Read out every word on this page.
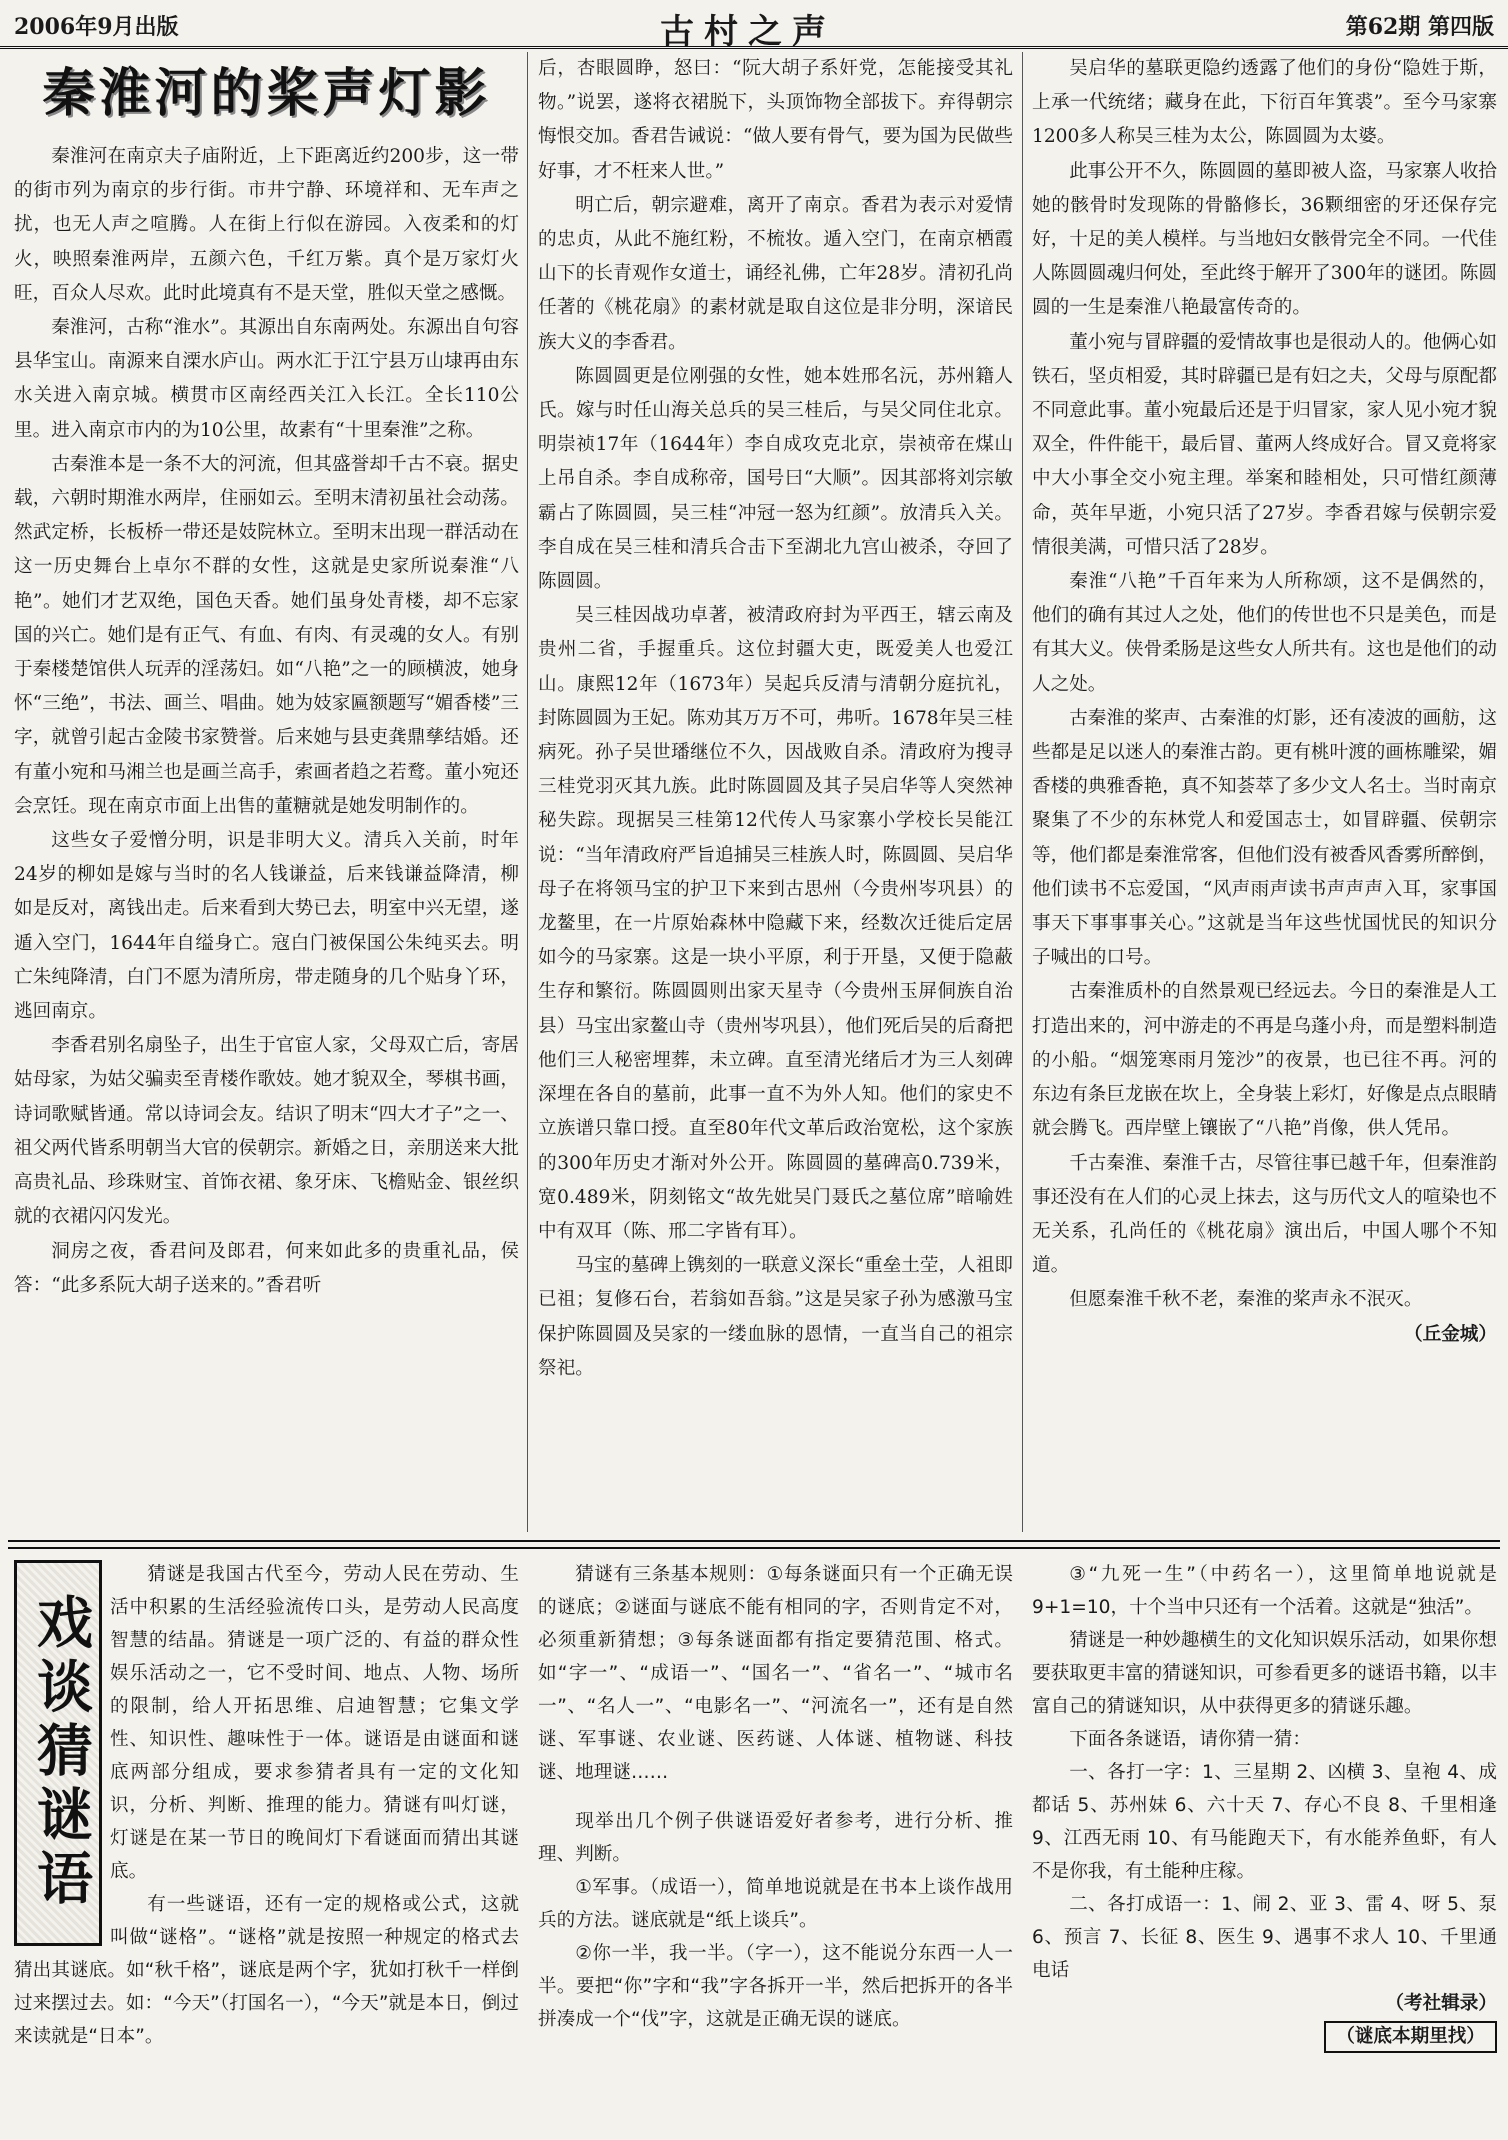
2006年9月出版	古村之声	第62期 第四版
秦淮河的桨声灯影

秦淮河在南京夫子庙附近，上下距离近约200步，这一带的街市列为南京的步行街。市井宁静、环境祥和、无车声之扰，也无人声之喧腾。人在街上行似在游园。入夜柔和的灯火，映照秦淮两岸，五颜六色，千红万紫。真个是万家灯火旺，百众人尽欢。此时此境真有不是天堂，胜似天堂之感慨。

秦淮河，古称“淮水”。其源出自东南两处。东源出自句容县华宝山。南源来自溧水庐山。两水汇于江宁县万山埭再由东水关进入南京城。横贯市区南经西关江入长江。全长110公里。进入南京市内的为10公里，故素有“十里秦淮”之称。

古秦淮本是一条不大的河流，但其盛誉却千古不衰。据史载，六朝时期淮水两岸，住丽如云。至明末清初虽社会动荡。然武定桥，长板桥一带还是妓院林立。至明末出现一群活动在这一历史舞台上卓尔不群的女性，这就是史家所说秦淮“八艳”。她们才艺双绝，国色天香。她们虽身处青楼，却不忘家国的兴亡。她们是有正气、有血、有肉、有灵魂的女人。有别于秦楼楚馆供人玩弄的淫荡妇。如“八艳”之一的顾横波，她身怀“三绝”，书法、画兰、唱曲。她为妓家匾额题写“媚香楼”三字，就曾引起古金陵书家赞誉。后来她与县吏龚鼎孳结婚。还有董小宛和马湘兰也是画兰高手，索画者趋之若鹜。董小宛还会烹饪。现在南京市面上出售的董糖就是她发明制作的。

这些女子爱憎分明，识是非明大义。清兵入关前，时年24岁的柳如是嫁与当时的名人钱谦益，后来钱谦益降清，柳如是反对，离钱出走。后来看到大势已去，明室中兴无望，遂遁入空门，1644年自缢身亡。寇白门被保国公朱纯买去。明亡朱纯降清，白门不愿为清所房，带走随身的几个贴身丫环，逃回南京。

李香君别名扇坠子，出生于官宦人家，父母双亡后，寄居姑母家，为姑父骗卖至青楼作歌妓。她才貌双全，琴棋书画，诗词歌赋皆通。常以诗词会友。结识了明末“四大才子”之一、祖父两代皆系明朝当大官的侯朝宗。新婚之日，亲朋送来大批高贵礼品、珍珠财宝、首饰衣裙、象牙床、飞檐贴金、银丝织就的衣裙闪闪发光。

洞房之夜，香君问及郎君，何来如此多的贵重礼品，侯答：“此多系阮大胡子送来的。”香君听

后，杏眼圆睁，怒曰：“阮大胡子系奸党，怎能接受其礼物。”说罢，遂将衣裙脱下，头顶饰物全部拔下。弃得朝宗悔恨交加。香君告诫说：“做人要有骨气，要为国为民做些好事，才不枉来人世。”

明亡后，朝宗避难，离开了南京。香君为表示对爱情的忠贞，从此不施红粉，不梳妆。遁入空门，在南京栖霞山下的长青观作女道士，诵经礼佛，亡年28岁。清初孔尚任著的《桃花扇》的素材就是取自这位是非分明，深谙民族大义的李香君。

陈圆圆更是位刚强的女性，她本姓邢名沅，苏州籍人氏。嫁与时任山海关总兵的吴三桂后，与吴父同住北京。明崇祯17年（1644年）李自成攻克北京，崇祯帝在煤山上吊自杀。李自成称帝，国号曰“大顺”。因其部将刘宗敏霸占了陈圆圆，吴三桂“冲冠一怒为红颜”。放清兵入关。李自成在吴三桂和清兵合击下至湖北九宫山被杀，夺回了陈圆圆。

吴三桂因战功卓著，被清政府封为平西王，辖云南及贵州二省，手握重兵。这位封疆大吏，既爱美人也爱江山。康熙12年（1673年）吴起兵反清与清朝分庭抗礼，封陈圆圆为王妃。陈劝其万万不可，弗听。1678年吴三桂病死。孙子吴世璠继位不久，因战败自杀。清政府为搜寻三桂党羽灭其九族。此时陈圆圆及其子吴启华等人突然神秘失踪。现据吴三桂第12代传人马家寨小学校长吴能江说：“当年清政府严旨追捕吴三桂族人时，陈圆圆、吴启华母子在将领马宝的护卫下来到古思州（今贵州岑巩县）的龙鳌里，在一片原始森林中隐藏下来，经数次迁徙后定居如今的马家寨。这是一块小平原，利于开垦，又便于隐蔽生存和繁衍。陈圆圆则出家天星寺（今贵州玉屏侗族自治县）马宝出家鳌山寺（贵州岑巩县），他们死后吴的后裔把他们三人秘密埋葬，未立碑。直至清光绪后才为三人刻碑深埋在各自的墓前，此事一直不为外人知。他们的家史不立族谱只靠口授。直至80年代文革后政治宽松，这个家族的300年历史才渐对外公开。陈圆圆的墓碑高0.739米，宽0.489米，阴刻铭文“故先妣吴门聂氏之墓位席”暗喻姓中有双耳（陈、邢二字皆有耳）。

马宝的墓碑上镌刻的一联意义深长“重垒土茔，人祖即已祖；复修石台，若翁如吾翁。”这是吴家子孙为感激马宝保护陈圆圆及吴家的一缕血脉的恩情，一直当自己的祖宗祭祀。

吴启华的墓联更隐约透露了他们的身份“隐姓于斯，上承一代统绪；藏身在此，下衍百年箕裘”。至今马家寨1200多人称吴三桂为太公，陈圆圆为太婆。

此事公开不久，陈圆圆的墓即被人盗，马家寨人收拾她的骸骨时发现陈的骨骼修长，36颗细密的牙还保存完好，十足的美人模样。与当地妇女骸骨完全不同。一代佳人陈圆圆魂归何处，至此终于解开了300年的谜团。陈圆圆的一生是秦淮八艳最富传奇的。

董小宛与冒辟疆的爱情故事也是很动人的。他俩心如铁石，坚贞相爱，其时辟疆已是有妇之夫，父母与原配都不同意此事。董小宛最后还是于归冒家，家人见小宛才貌双全，件件能干，最后冒、董两人终成好合。冒又竟将家中大小事全交小宛主理。举案和睦相处，只可惜红颜薄命，英年早逝，小宛只活了27岁。李香君嫁与侯朝宗爱情很美满，可惜只活了28岁。

秦淮“八艳”千百年来为人所称颂，这不是偶然的，他们的确有其过人之处，他们的传世也不只是美色，而是有其大义。侠骨柔肠是这些女人所共有。这也是他们的动人之处。

古秦淮的桨声、古秦淮的灯影，还有凌波的画舫，这些都是足以迷人的秦淮古韵。更有桃叶渡的画栋雕梁，媚香楼的典雅香艳，真不知荟萃了多少文人名士。当时南京聚集了不少的东林党人和爱国志士，如冒辟疆、侯朝宗等，他们都是秦淮常客，但他们没有被香风香雾所醉倒，他们读书不忘爱国，“风声雨声读书声声声入耳，家事国事天下事事事关心。”这就是当年这些忧国忧民的知识分子喊出的口号。

古秦淮质朴的自然景观已经远去。今日的秦淮是人工打造出来的，河中游走的不再是乌蓬小舟，而是塑料制造的小船。“烟笼寒雨月笼沙”的夜景，也已往不再。河的东边有条巨龙嵌在坎上，全身装上彩灯，好像是点点眼睛就会腾飞。西岸壁上镶嵌了“八艳”肖像，供人凭吊。

千古秦淮、秦淮千古，尽管往事已越千年，但秦淮韵事还没有在人们的心灵上抹去，这与历代文人的喧染也不无关系，孔尚任的《桃花扇》演出后，中国人哪个不知道。

但愿秦淮千秋不老，秦淮的桨声永不泯灭。

（丘金城）

戏谈猜谜语

猜谜是我国古代至今，劳动人民在劳动、生活中积累的生活经验流传口头，是劳动人民高度智慧的结晶。猜谜是一项广泛的、有益的群众性娱乐活动之一，它不受时间、地点、人物、场所的限制，给人开拓思维、启迪智慧；它集文学性、知识性、趣味性于一体。谜语是由谜面和谜底两部分组成，要求参猜者具有一定的文化知识，分析、判断、推理的能力。猜谜有叫灯谜，灯谜是在某一节日的晚间灯下看谜面而猜出其谜底。

有一些谜语，还有一定的规格或公式，这就叫做“谜格”。“谜格”就是按照一种规定的格式去猜出其谜底。如“秋千格”，谜底是两个字，犹如打秋千一样倒过来摆过去。如：“今天”（打国名一），“今天”就是本日，倒过来读就是“日本”。

猜谜有三条基本规则：①每条谜面只有一个正确无误的谜底；②谜面与谜底不能有相同的字，否则肯定不对，必须重新猜想；③每条谜面都有指定要猜范围、格式。如“字一”、“成语一”、“国名一”、“省名一”、“城市名一”、“名人一”、“电影名一”、“河流名一”，还有是自然谜、军事谜、农业谜、医药谜、人体谜、植物谜、科技谜、地理谜……

现举出几个例子供谜语爱好者参考，进行分析、推理、判断。

①军事。（成语一），简单地说就是在书本上谈作战用兵的方法。谜底就是“纸上谈兵”。

②你一半，我一半。（字一），这不能说分东西一人一半。要把“你”字和“我”字各拆开一半，然后把拆开的各半拼凑成一个“伐”字，这就是正确无误的谜底。

③“九死一生”（中药名一），这里简单地说就是9+1=10，十个当中只还有一个活着。这就是“独活”。

猜谜是一种妙趣横生的文化知识娱乐活动，如果你想要获取更丰富的猜谜知识，可参看更多的谜语书籍，以丰富自己的猜谜知识，从中获得更多的猜谜乐趣。

下面各条谜语，请你猜一猜：

一、各打一字：1、三星期 2、凶横 3、皇袍 4、成都话 5、苏州妹 6、六十天 7、存心不良 8、千里相逢 9、江西无雨 10、有马能跑天下，有水能养鱼虾，有人不是你我，有土能种庄稼。

二、各打成语一：1、闹 2、亚 3、雷 4、呀 5、泵 6、预言 7、长征 8、医生 9、遇事不求人 10、千里通电话

（考社辑录）

（谜底本期里找）
